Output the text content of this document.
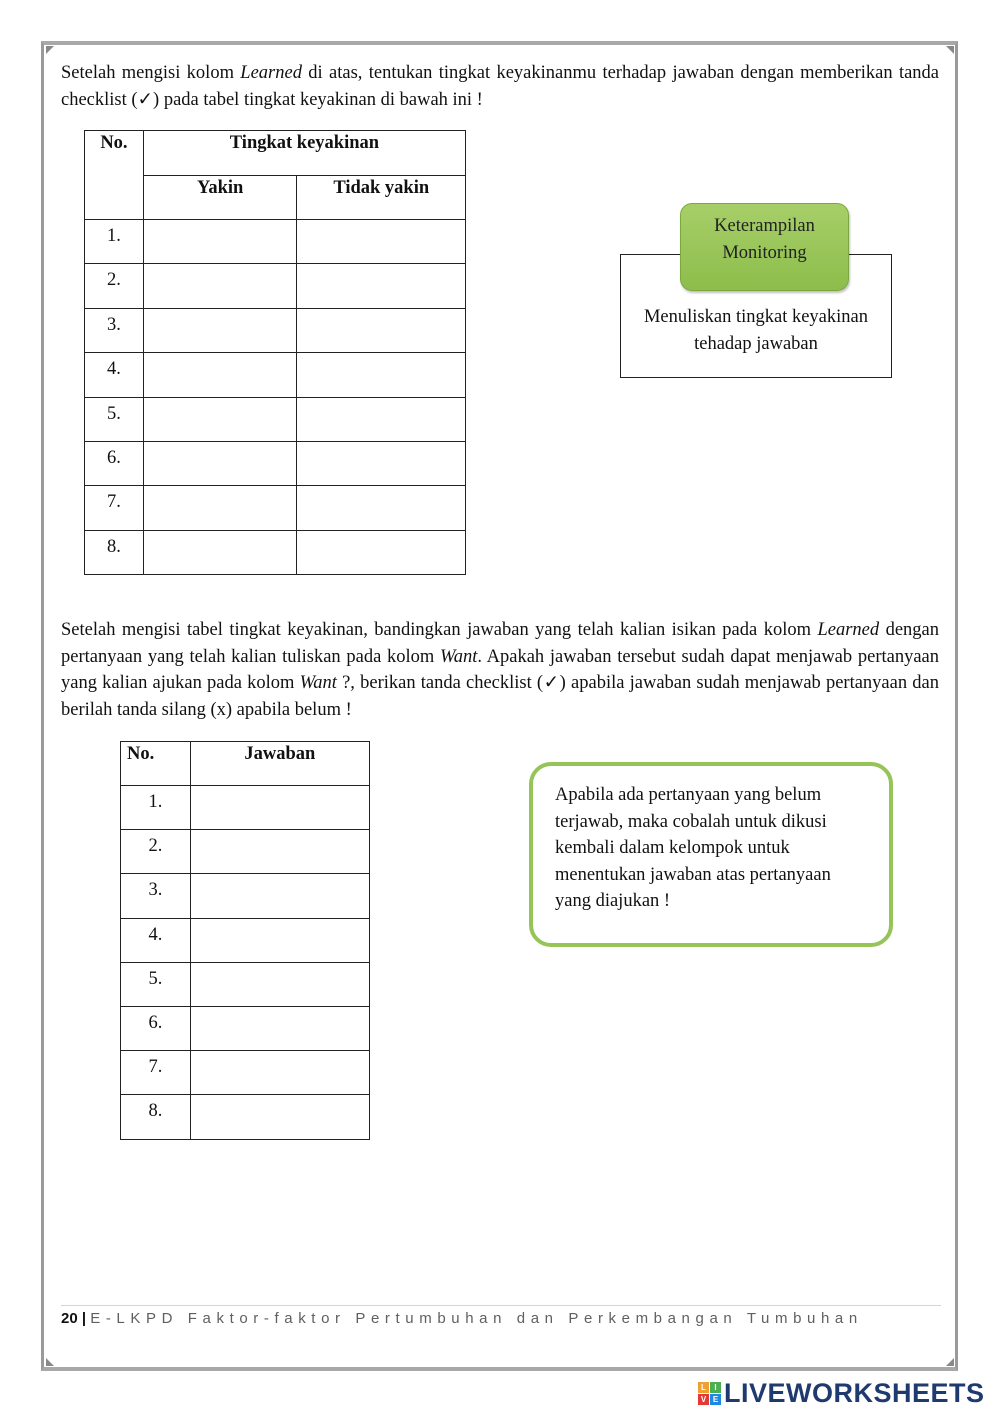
Setelah mengisi kolom Learned di atas, tentukan tingkat keyakinanmu terhadap jawaban dengan memberikan tanda checklist (✓) pada tabel tingkat keyakinan di bawah ini !

No.	Tingkat keyakinan	
	Yakin	Tidak yakin
1.		
2.		
3.		
4.		
5.		
6.		
7.		
8.		
Menuliskan tingkat keyakinan
tehadap jawaban
Keterampilan
Monitoring

Setelah mengisi tabel tingkat keyakinan, bandingkan jawaban yang telah kalian isikan pada kolom Learned dengan pertanyaan yang telah kalian tuliskan pada kolom Want. Apakah jawaban tersebut sudah dapat menjawab pertanyaan yang kalian ajukan pada kolom Want ?, berikan tanda checklist (✓) apabila jawaban sudah menjawab pertanyaan dan berilah tanda silang (x) apabila belum !

No.	Jawaban
1.	
2.	
3.	
4.	
5.	
6.	
7.	
8.	
Apabila ada pertanyaan yang belum terjawab, maka cobalah untuk dikusi kembali dalam kelompok untuk menentukan jawaban atas pertanyaan yang diajukan !
20 | E-LKPD Faktor-faktor Pertumbuhan dan Perkembangan Tumbuhan
L	I
V E LIVEWORKSHEETS
